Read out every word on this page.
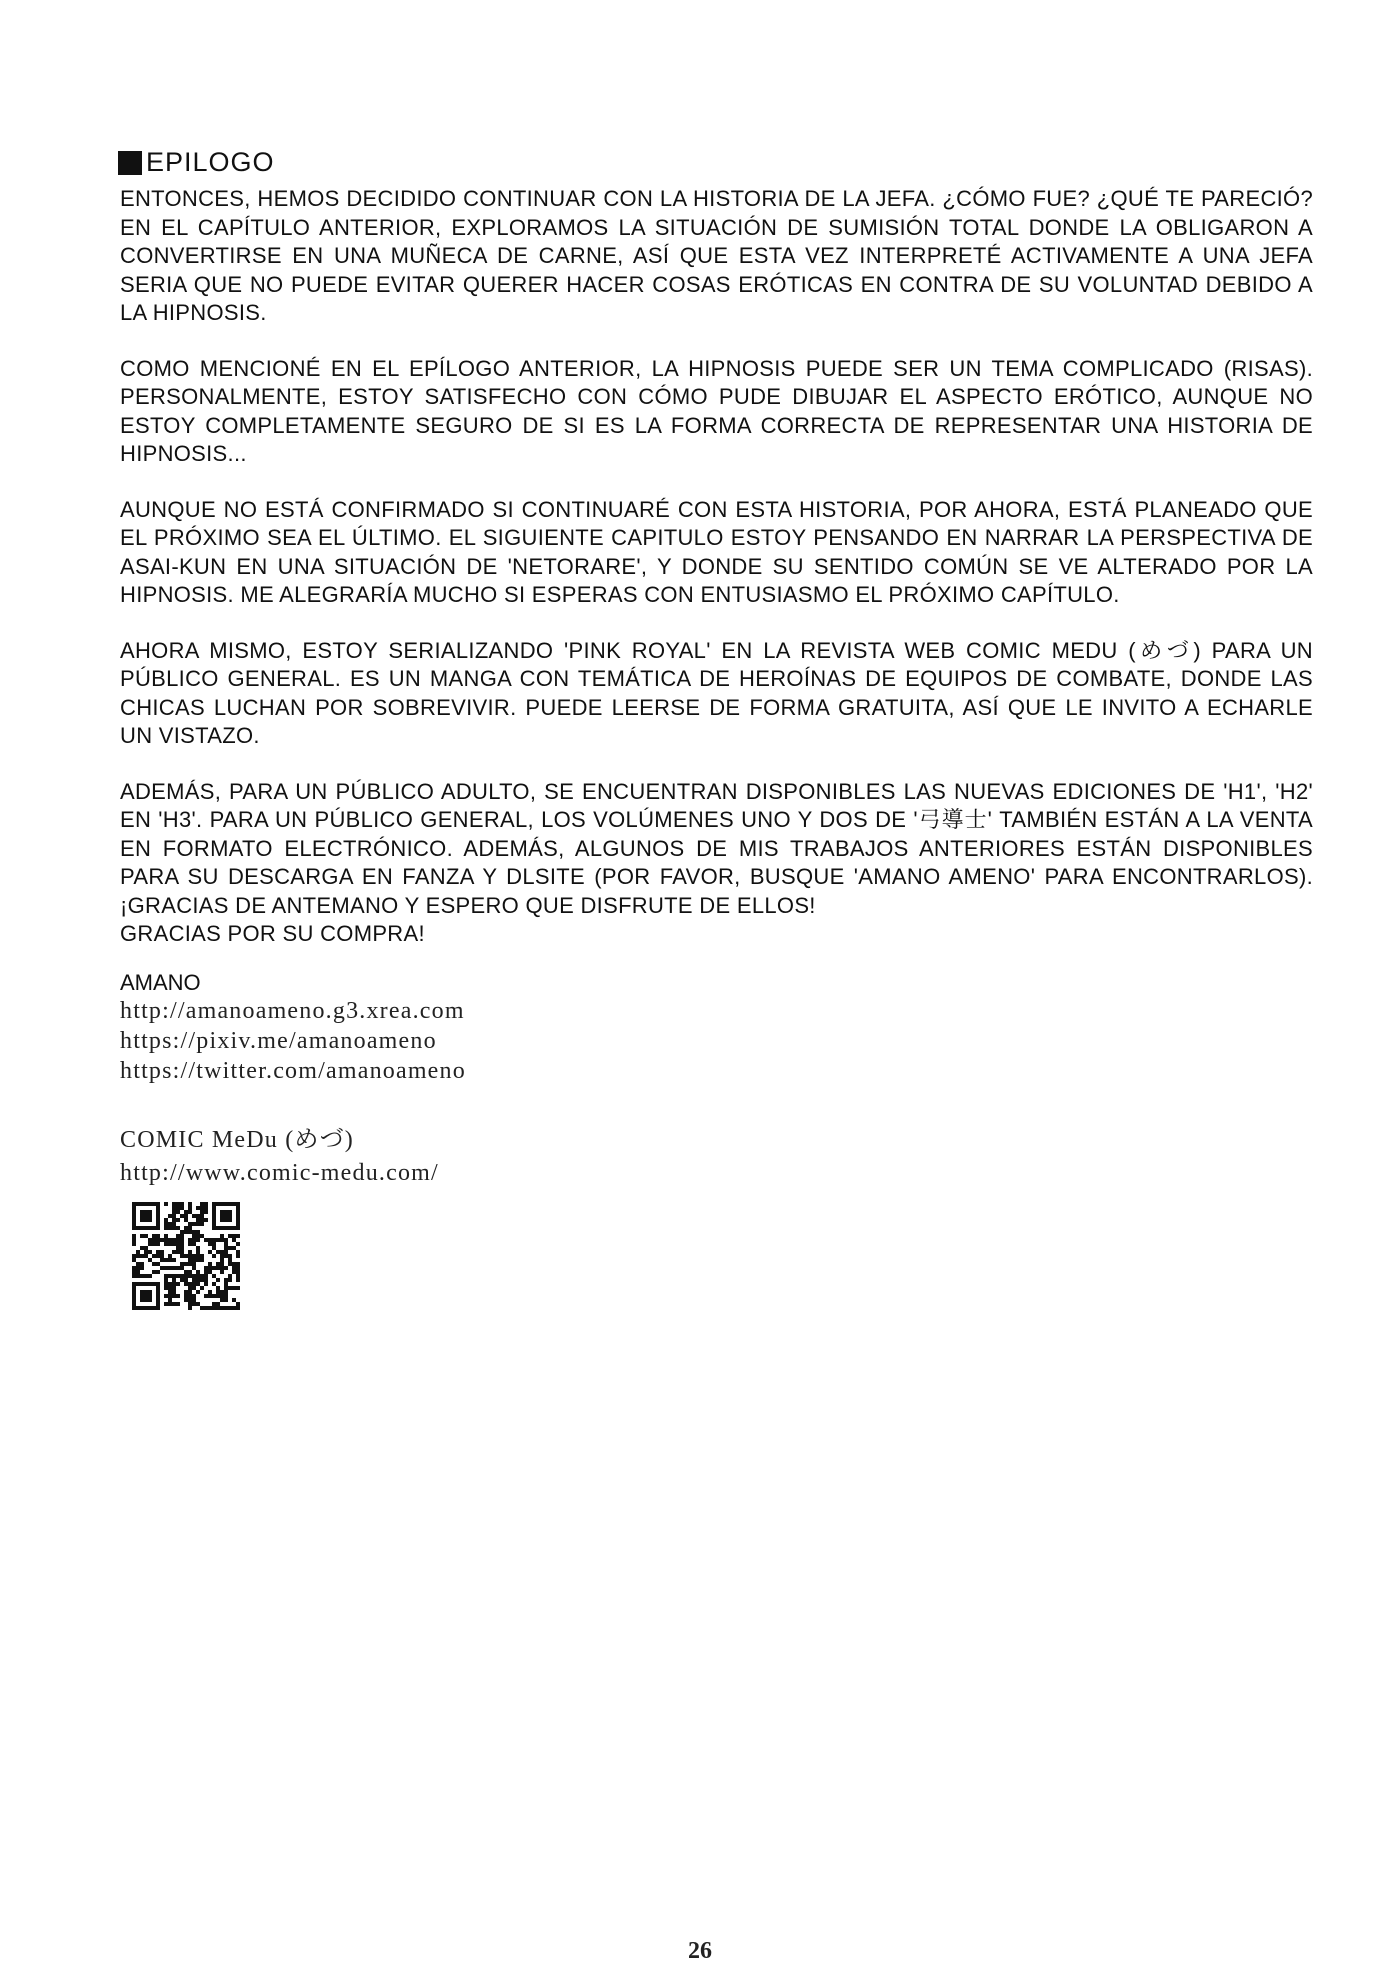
EPILOGO

ENTONCES, HEMOS DECIDIDO CONTINUAR CON LA HISTORIA DE LA JEFA. ¿CÓMO FUE? ¿QUÉ TE PARECIÓ? EN EL CAPÍTULO ANTERIOR, EXPLORAMOS LA SITUACIÓN DE SUMISIÓN TOTAL DONDE LA OBLIGARON A CONVERTIRSE EN UNA MUÑECA DE CARNE, ASÍ QUE ESTA VEZ INTERPRETÉ ACTIVAMENTE A UNA JEFA SERIA QUE NO PUEDE EVITAR QUERER HACER COSAS ERÓTICAS EN CONTRA DE SU VOLUNTAD DEBIDO A LA HIPNOSIS.

COMO MENCIONÉ EN EL EPÍLOGO ANTERIOR, LA HIPNOSIS PUEDE SER UN TEMA COMPLICADO (RISAS). PERSONALMENTE, ESTOY SATISFECHO CON CÓMO PUDE DIBUJAR EL ASPECTO ERÓTICO, AUNQUE NO ESTOY COMPLETAMENTE SEGURO DE SI ES LA FORMA CORRECTA DE REPRESENTAR UNA HISTORIA DE HIPNOSIS...

AUNQUE NO ESTÁ CONFIRMADO SI CONTINUARÉ CON ESTA HISTORIA, POR AHORA, ESTÁ PLANEADO QUE EL PRÓXIMO SEA EL ÚLTIMO. EL SIGUIENTE CAPITULO ESTOY PENSANDO EN NARRAR LA PERSPECTIVA DE ASAI-KUN EN UNA SITUACIÓN DE 'NETORARE', Y DONDE SU SENTIDO COMÚN SE VE ALTERADO POR LA HIPNOSIS. ME ALEGRARÍA MUCHO SI ESPERAS CON ENTUSIASMO EL PRÓXIMO CAPÍTULO.

AHORA MISMO, ESTOY SERIALIZANDO 'PINK ROYAL' EN LA REVISTA WEB COMIC MEDU (めづ) PARA UN PÚBLICO GENERAL. ES UN MANGA CON TEMÁTICA DE HEROÍNAS DE EQUIPOS DE COMBATE, DONDE LAS CHICAS LUCHAN POR SOBREVIVIR. PUEDE LEERSE DE FORMA GRATUITA, ASÍ QUE LE INVITO A ECHARLE UN VISTAZO.

ADEMÁS, PARA UN PÚBLICO ADULTO, SE ENCUENTRAN DISPONIBLES LAS NUEVAS EDICIONES DE 'H1', 'H2' EN 'H3'. PARA UN PÚBLICO GENERAL, LOS VOLÚMENES UNO Y DOS DE '弓導士' TAMBIÉN ESTÁN A LA VENTA EN FORMATO ELECTRÓNICO. ADEMÁS, ALGUNOS DE MIS TRABAJOS ANTERIORES ESTÁN DISPONIBLES PARA SU DESCARGA EN FANZA Y DLSITE (POR FAVOR, BUSQUE 'AMANO AMENO' PARA ENCONTRARLOS). ¡GRACIAS DE ANTEMANO Y ESPERO QUE DISFRUTE DE ELLOS!

GRACIAS POR SU COMPRA!

AMANO
http://amanoameno.g3.xrea.com
https://pixiv.me/amanoameno
https://twitter.com/amanoameno
COMIC MeDu (めづ)
http://www.comic-medu.com/
26
